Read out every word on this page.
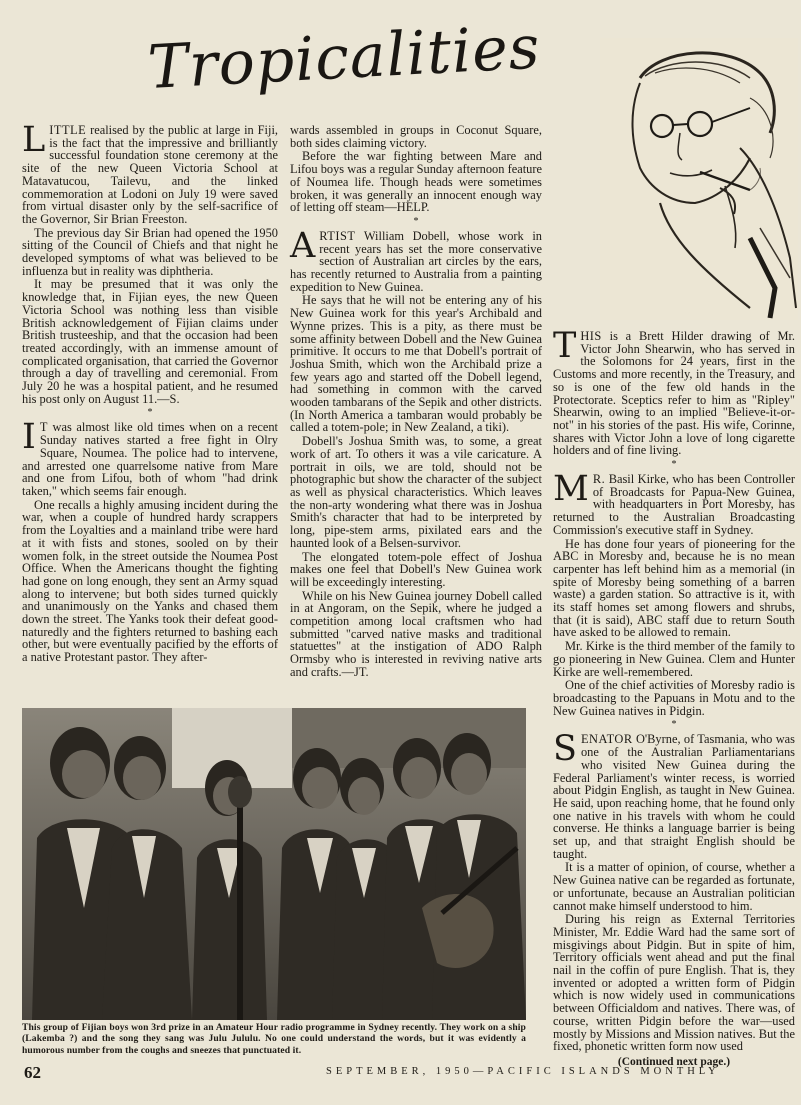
Tropicalities

LITTLE realised by the public at large in Fiji, is the fact that the impressive and brilliantly successful foundation stone ceremony at the site of the new Queen Victoria School at Matavatucou, Tailevu, and the linked commemoration at Lodoni on July 19 were saved from virtual disaster only by the self-sacrifice of the Governor, Sir Brian Freeston.

The previous day Sir Brian had opened the 1950 sitting of the Council of Chiefs and that night he developed symptoms of what was believed to be influenza but in reality was diphtheria.

It may be presumed that it was only the knowledge that, in Fijian eyes, the new Queen Victoria School was nothing less than visible British acknowledgement of Fijian claims under British trusteeship, and that the occasion had been treated accordingly, with an immense amount of complicated organisation, that carried the Governor through a day of travelling and ceremonial. From July 20 he was a hospital patient, and he resumed his post only on August 11.—S.

*

I T was almost like old times when on a recent Sunday natives started a free fight in Olry Square, Noumea. The police had to intervene, and arrested one quarrelsome native from Mare and one from Lifou, both of whom "had drink taken," which seems fair enough.

One recalls a highly amusing incident during the war, when a couple of hundred hardy scrappers from the Loyalties and a mainland tribe were hard at it with fists and stones, sooled on by their women folk, in the street outside the Noumea Post Office. When the Americans thought the fighting had gone on long enough, they sent an Army squad along to intervene; but both sides turned quickly and unanimously on the Yanks and chased them down the street. The Yanks took their defeat good-naturedly and the fighters returned to bashing each other, but were eventually pacified by the efforts of a native Protestant pastor. They after-

wards assembled in groups in Coconut Square, both sides claiming victory.

Before the war fighting between Mare and Lifou boys was a regular Sunday afternoon feature of Noumea life. Though heads were sometimes broken, it was generally an innocent enough way of letting off steam—HELP.

*

ARTIST William Dobell, whose work in recent years has set the more conservative section of Australian art circles by the ears, has recently returned to Australia from a painting expedition to New Guinea.

He says that he will not be entering any of his New Guinea work for this year's Archibald and Wynne prizes. This is a pity, as there must be some affinity between Dobell and the New Guinea primitive. It occurs to me that Dobell's portrait of Joshua Smith, which won the Archibald prize a few years ago and started off the Dobell legend, had something in common with the carved wooden tambarans of the Sepik and other districts. (In North America a tambaran would probably be called a totem-pole; in New Zealand, a tiki).

Dobell's Joshua Smith was, to some, a great work of art. To others it was a vile caricature. A portrait in oils, we are told, should not be photographic but show the character of the subject as well as physical characteristics. Which leaves the non-arty wondering what there was in Joshua Smith's character that had to be interpreted by long, pipe-stem arms, pixilated ears and the haunted look of a Belsen-survivor.

The elongated totem-pole effect of Joshua makes one feel that Dobell's New Guinea work will be exceedingly interesting.

While on his New Guinea journey Dobell called in at Angoram, on the Sepik, where he judged a competition among local craftsmen who had submitted "carved native masks and traditional statuettes" at the instigation of ADO Ralph Ormsby who is interested in reviving native arts and crafts.—JT.

THIS is a Brett Hilder drawing of Mr. Victor John Shearwin, who has served in the Solomons for 24 years, first in the Customs and more recently, in the Treasury, and so is one of the few old hands in the Protectorate. Sceptics refer to him as "Ripley" Shearwin, owing to an implied "Believe-it-or-not" in his stories of the past. His wife, Corinne, shares with Victor John a love of long cigarette holders and of fine living.

*

M R. Basil Kirke, who has been Controller of Broadcasts for Papua-New Guinea, with headquarters in Port Moresby, has returned to the Australian Broadcasting Commission's executive staff in Sydney.

He has done four years of pioneering for the ABC in Moresby and, because he is no mean carpenter has left behind him as a memorial (in spite of Moresby being something of a barren waste) a garden station. So attractive is it, with its staff homes set among flowers and shrubs, that (it is said), ABC staff due to return South have asked to be allowed to remain.

Mr. Kirke is the third member of the family to go pioneering in New Guinea. Clem and Hunter Kirke are well-remembered.

One of the chief activities of Moresby radio is broadcasting to the Papuans in Motu and to the New Guinea natives in Pidgin.

*

SENATOR O'Byrne, of Tasmania, who was one of the Australian Parliamentarians who visited New Guinea during the Federal Parliament's winter recess, is worried about Pidgin English, as taught in New Guinea. He said, upon reaching home, that he found only one native in his travels with whom he could converse. He thinks a language barrier is being set up, and that straight English should be taught.

It is a matter of opinion, of course, whether a New Guinea native can be regarded as fortunate, or unfortunate, because an Australian politician cannot make himself understood to him.

During his reign as External Territories Minister, Mr. Eddie Ward had the same sort of misgivings about Pidgin. But in spite of him, Territory officials went ahead and put the final nail in the coffin of pure English. That is, they invented or adopted a written form of Pidgin which is now widely used in communications between Officialdom and natives. There was, of course, written Pidgin before the war—used mostly by Missions and Mission natives. But the fixed, phonetic written form now used

(Continued next page.)
This group of Fijian boys won 3rd prize in an Amateur Hour radio programme in Sydney recently. They work on a ship (Lakemba ?) and the song they sang was Julu Jululu. No one could understand the words, but it was evidently a humorous number from the coughs and sneezes that punctuated it.
62	SEPTEMBER, 1950—PACIFIC ISLANDS MONTHLY
